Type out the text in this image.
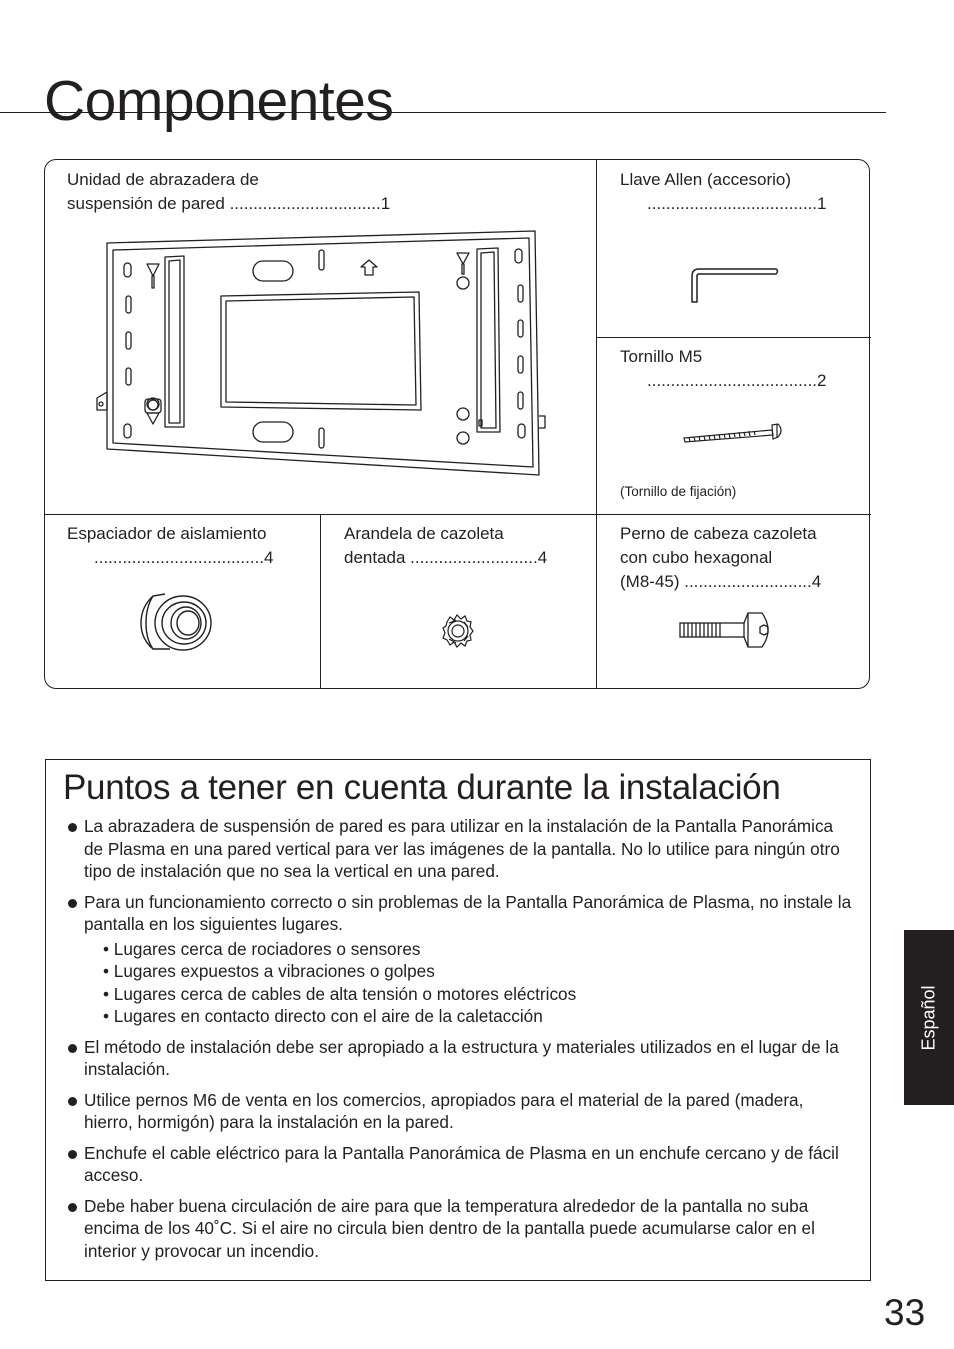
Componentes
Unidad de abrazadera de
suspensión de pared ................................1
Llave Allen (accesorio)
....................................1
Tornillo M5
....................................2
(Tornillo de fijación)
Espaciador de aislamiento
....................................4
Arandela de cazoleta
dentada ...........................4
Perno de cabeza cazoleta
con cubo hexagonal
(M8-45) ...........................4
Puntos a tener en cuenta durante la instalación
La abrazadera de suspensión de pared es para utilizar en la instalación de la Pantalla Panorámica de Plasma en una pared vertical para ver las imágenes de la pantalla. No lo utilice para ningún otro tipo de instalación que no sea la vertical en una pared.
Para un funcionamiento correcto o sin problemas de la Pantalla Panorámica de Plasma, no instale la pantalla en los siguientes lugares.
• Lugares cerca de rociadores o sensores
• Lugares expuestos a vibraciones o golpes
• Lugares cerca de cables de alta tensión o motores eléctricos
• Lugares en contacto directo con el aire de la caletacción
El método de instalación debe ser apropiado a la estructura y materiales utilizados en el lugar de la instalación.
Utilice pernos M6 de venta en los comercios, apropiados para el material de la pared (madera, hierro, hormigón) para la instalación en la pared.
Enchufe el cable eléctrico para la Pantalla Panorámica de Plasma en un enchufe cercano y de fácil acceso.
Debe haber buena circulación de aire para que la temperatura alrededor de la pantalla no suba encima de los 40˚C. Si el aire no circula bien dentro de la pantalla puede acumularse calor en el interior y provocar un incendio.
Español
33
